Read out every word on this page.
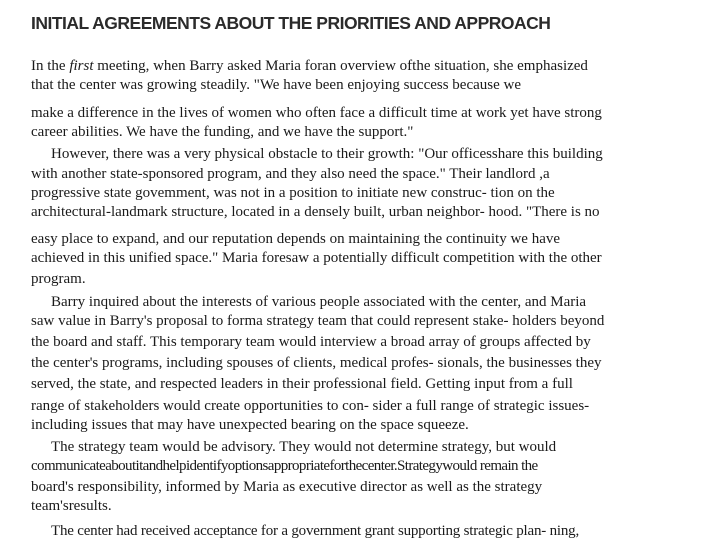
INITIAL AGREEMENTS ABOUT THE PRIORITIES AND APPROACH
In the first meeting, when Barry asked Maria foran overview ofthe situation, she emphasized
that the center was growing steadily. "We have been enjoying success because we
make a difference in the lives of women who often face a difficult time at work yet have strong
career abilities. We have the funding, and we have the support."
However, there was a very physical obstacle to their growth: "Our officesshare this building
with another state-sponsored program, and they also need the space." Their landlord ,a
progressive state govemment, was not in a position to initiate new construc- tion on the
architectural-landmark structure, located in a densely built, urban neighbor- hood. "There is no
easy place to expand, and our reputation depends on maintaining the continuity we have
achieved in this unified space." Maria foresaw a potentially difficult competition with the other
program.
Barry inquired about the interests of various people associated with the center, and Maria
saw value in Barry's proposal to forma strategy team that could represent stake- holders beyond
the board and staff. This temporary team would interview a broad array of groups affected by
the center's programs, including spouses of clients, medical profes- sionals, the businesses they
served, the state, and respected leaders in their professional field. Getting input from a full
range of stakeholders would create opportunities to con- sider a full range of strategic issues-
including issues that may have unexpected bearing on the space squeeze.
The strategy team would be advisory. They would not determine strategy, but would
communicateaboutitandhelpidentifyoptionsappropriateforthecenter.Strategywould remain the
board's responsibility, informed by Maria as executive director as well as the strategy
team'sresults.
The center had received acceptance for a government grant supporting strategic plan- ning,
